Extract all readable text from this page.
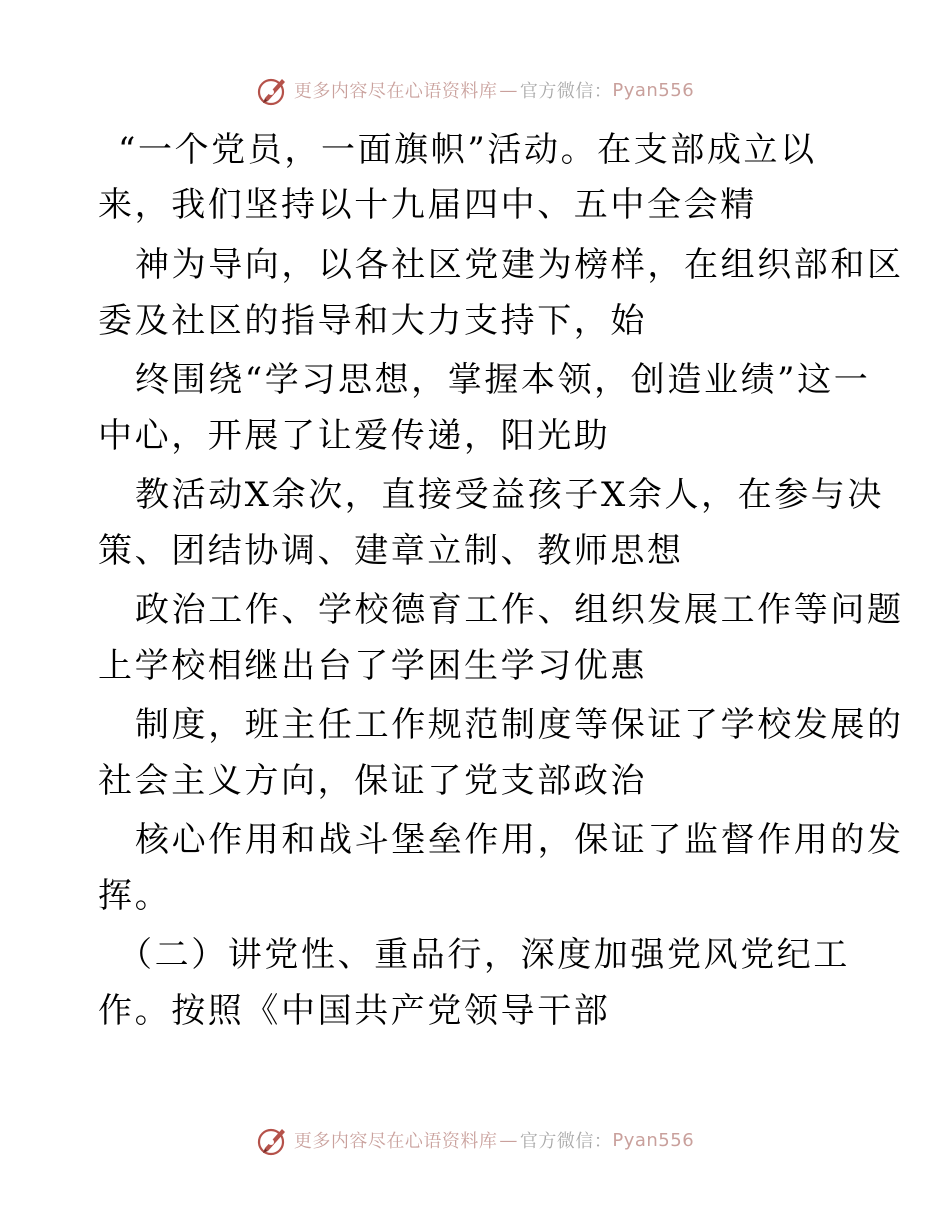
更多内容尽在心语资料库 — 官方微信： Pyan556
“一个党员，一面旗帜”活动。在支部成立以
来，我们坚持以十九届四中、五中全会精
神为导向，以各社区党建为榜样，在组织部和区
委及社区的指导和大力支持下，始
终围绕“学习思想，掌握本领，创造业绩”这一
中心，开展了让爱传递，阳光助
教活动X余次，直接受益孩子X余人，在参与决
策、团结协调、建章立制、教师思想
政治工作、学校德育工作、组织发展工作等问题
上学校相继出台了学困生学习优惠
制度，班主任工作规范制度等保证了学校发展的
社会主义方向，保证了党支部政治
核心作用和战斗堡垒作用，保证了监督作用的发
挥。
（二）讲党性、重品行，深度加强党风党纪工
作。按照《中国共产党领导干部
更多内容尽在心语资料库 — 官方微信： Pyan556
